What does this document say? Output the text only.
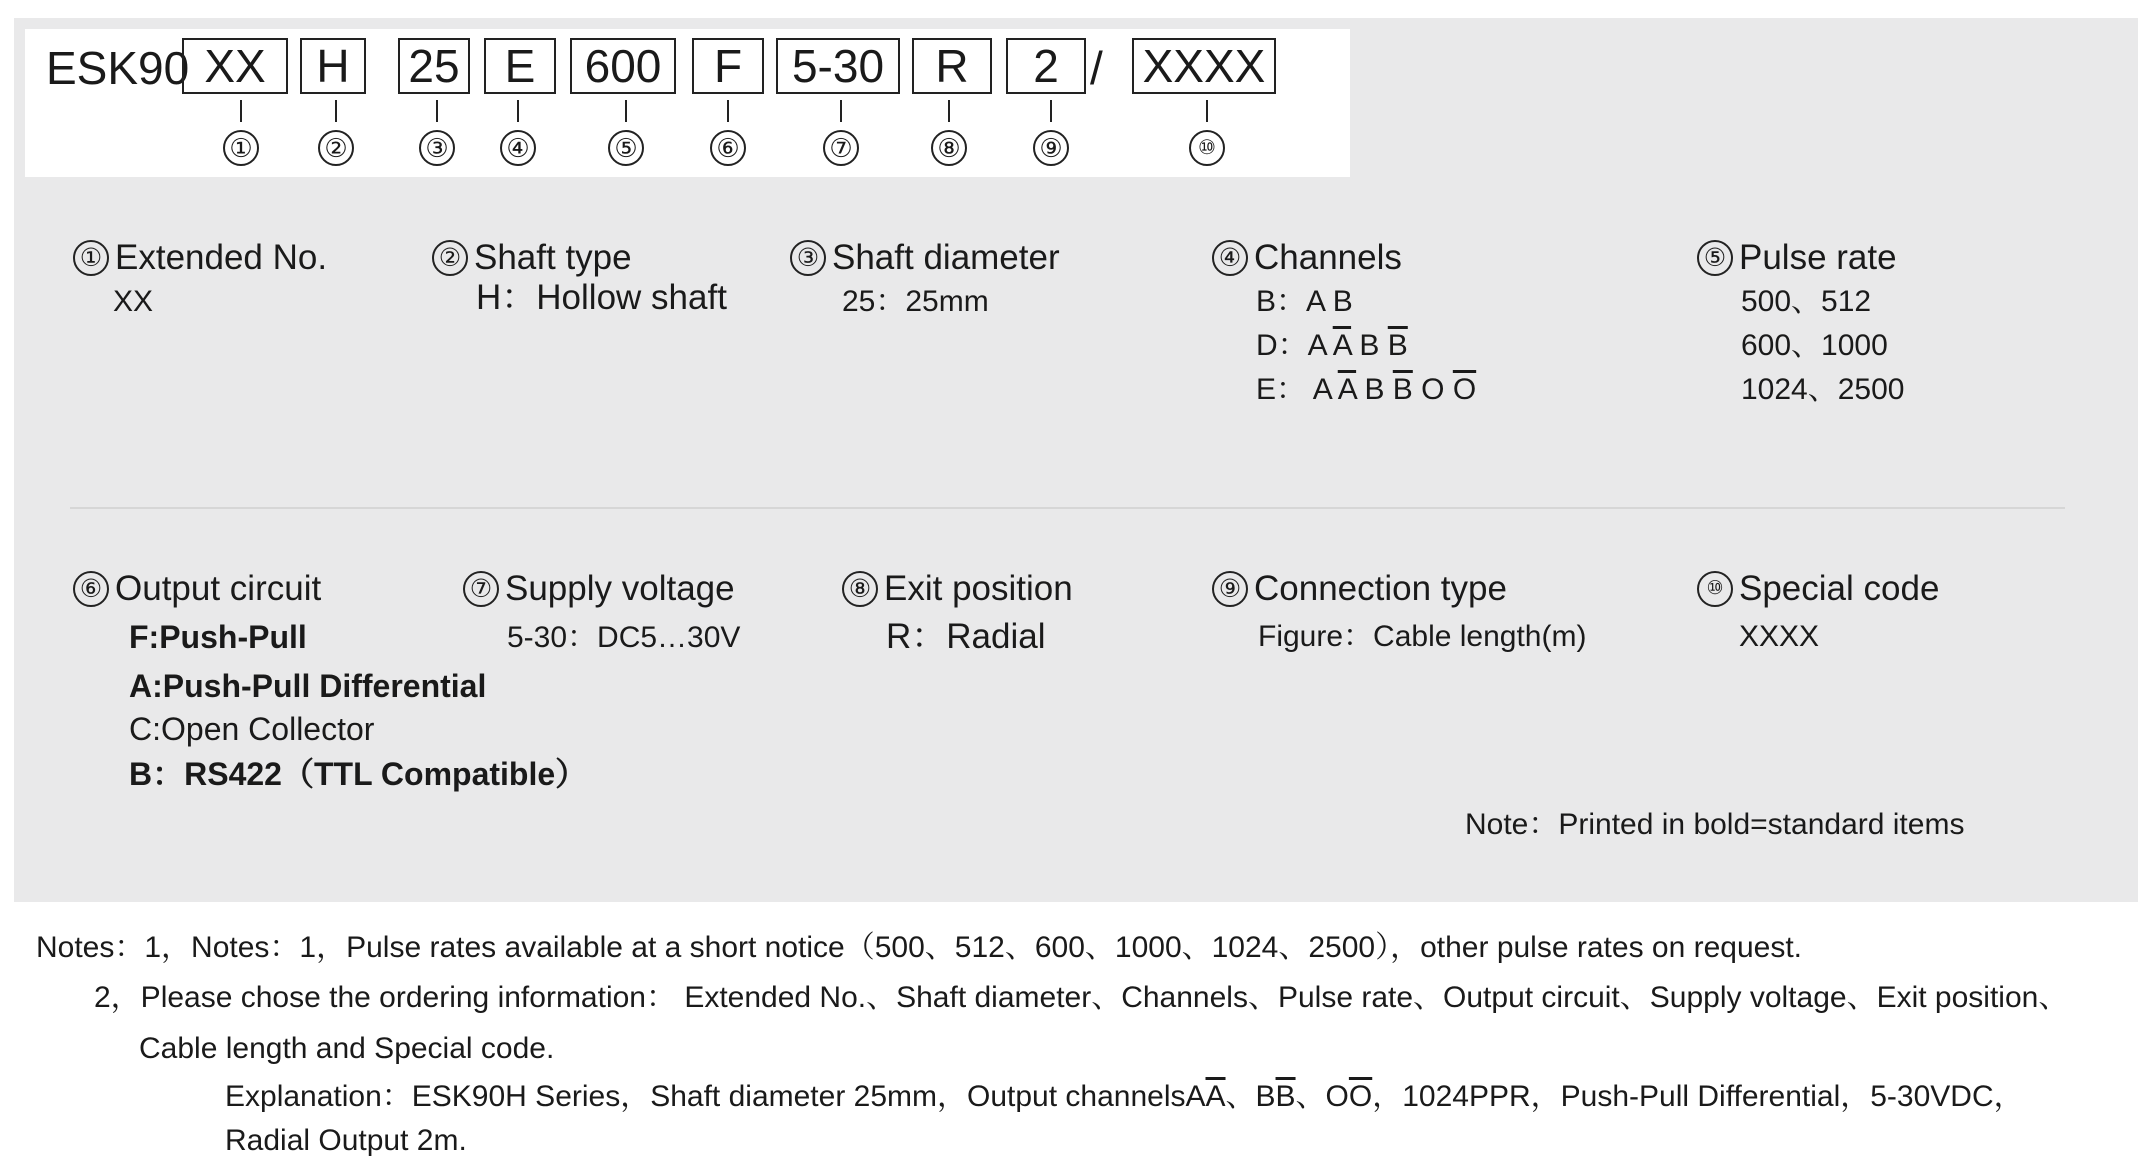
ESK90 XX	H	25 E	600	F	5-30	R	2 / XXXX
①	②	③ ④	⑤	⑥	⑦	⑧	⑨	⑩
① Extended No.
XX
② Shaft type
H：Hollow shaft
③ Shaft diameter
25：25mm
④ Channels
B：A B
D：A $\overline{A}$ B $\overline{B}$
E： A $\overline{A}$ B $\overline{B}$ O $\overline{O}$
⑤ Pulse rate
500、512
600、1000
1024、2500
⑥ Output circuit
F:Push-Pull
A:Push-Pull Differential
C:Open Collector
B：RS422（TTL Compatible）
⑦ Supply voltage
5-30：DC5…30V
⑧ Exit position
R：Radial
⑨ Connection type
Figure：Cable length(m)
⑩ Special code
XXXX
Note：Printed in bold=standard items
Notes：1，Notes：1，Pulse rates available at a short notice（500、512、600、1000、1024、2500），other pulse rates on request.
2，Please chose the ordering information： Extended No.、Shaft diameter、Channels、Pulse rate、Output circuit、Supply voltage、Exit position、
Cable length and Special code.
Explanation：ESK90H Series，Shaft diameter 25mm，Output $channelsA\overline{A}$、$B\overline{B}$、$O\overline{O}$，1024PPR，Push-Pull Differential，5-30VDC，
Radial Output 2m.
